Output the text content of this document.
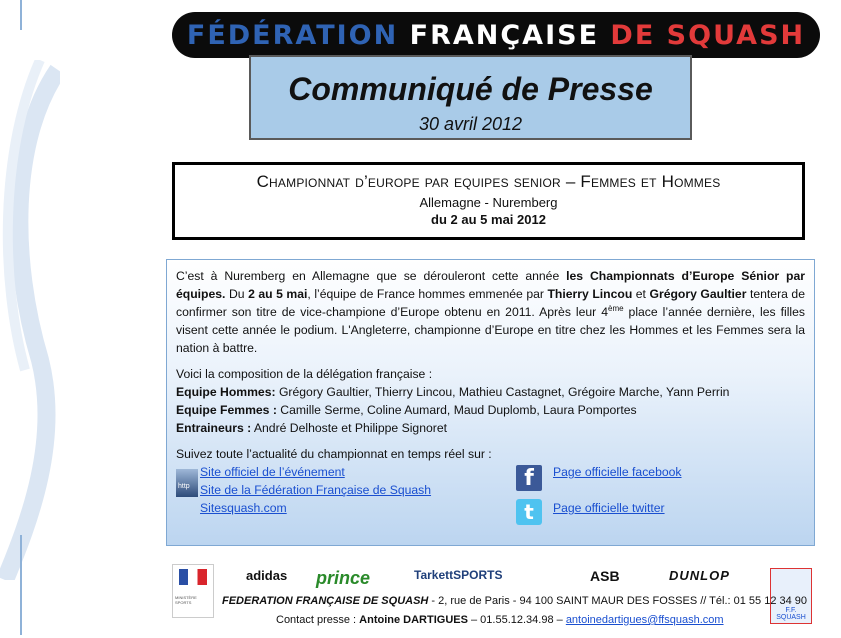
FÉDÉRATION
FRANÇAISE
DE SQUASH
Communiqué de Presse
30 avril 2012
Championnat d’europe par equipes senior – Femmes et Hommes
Allemagne - Nuremberg
du 2 au 5 mai 2012

C’est à Nuremberg en Allemagne que se dérouleront cette année les Championnats d’Europe Sénior par équipes. Du 2 au 5 mai, l’équipe de France hommes emmenée par Thierry Lincou et Grégory Gaultier tentera de confirmer son titre de vice-champione d’Europe obtenu en 2011. Après leur 4ème place l’année dernière, les filles visent cette année le podium. L'Angleterre, championne d’Europe en titre chez les Hommes et les Femmes sera la nation à battre.

Voici la composition de la délégation française :
Equipe Hommes: Grégory Gaultier, Thierry Lincou, Mathieu Castagnet, Grégoire Marche, Yann Perrin
Equipe Femmes : Camille Serme, Coline Aumard, Maud Duplomb, Laura Pomportes
Entraineurs : André Delhoste et Philippe Signoret
Suivez toute l’actualité du championnat en temps réel sur :
http
Site officiel de l’événement
Site de la Fédération Française de Squash
Sitesquash.com
f	Page officielle facebook
t	Page officielle twitter
MINISTÈRE SPORTS
adidas prince	TarkettSPORTS	ASB	DUNLOP
F.F. SQUASH
FEDERATION FRANÇAISE DE SQUASH - 2, rue de Paris - 94 100 SAINT MAUR DES FOSSES // Tél.: 01 55 12 34 90
Contact presse : Antoine DARTIGUES – 01.55.12.34.98 – antoinedartigues@ffsquash.com
